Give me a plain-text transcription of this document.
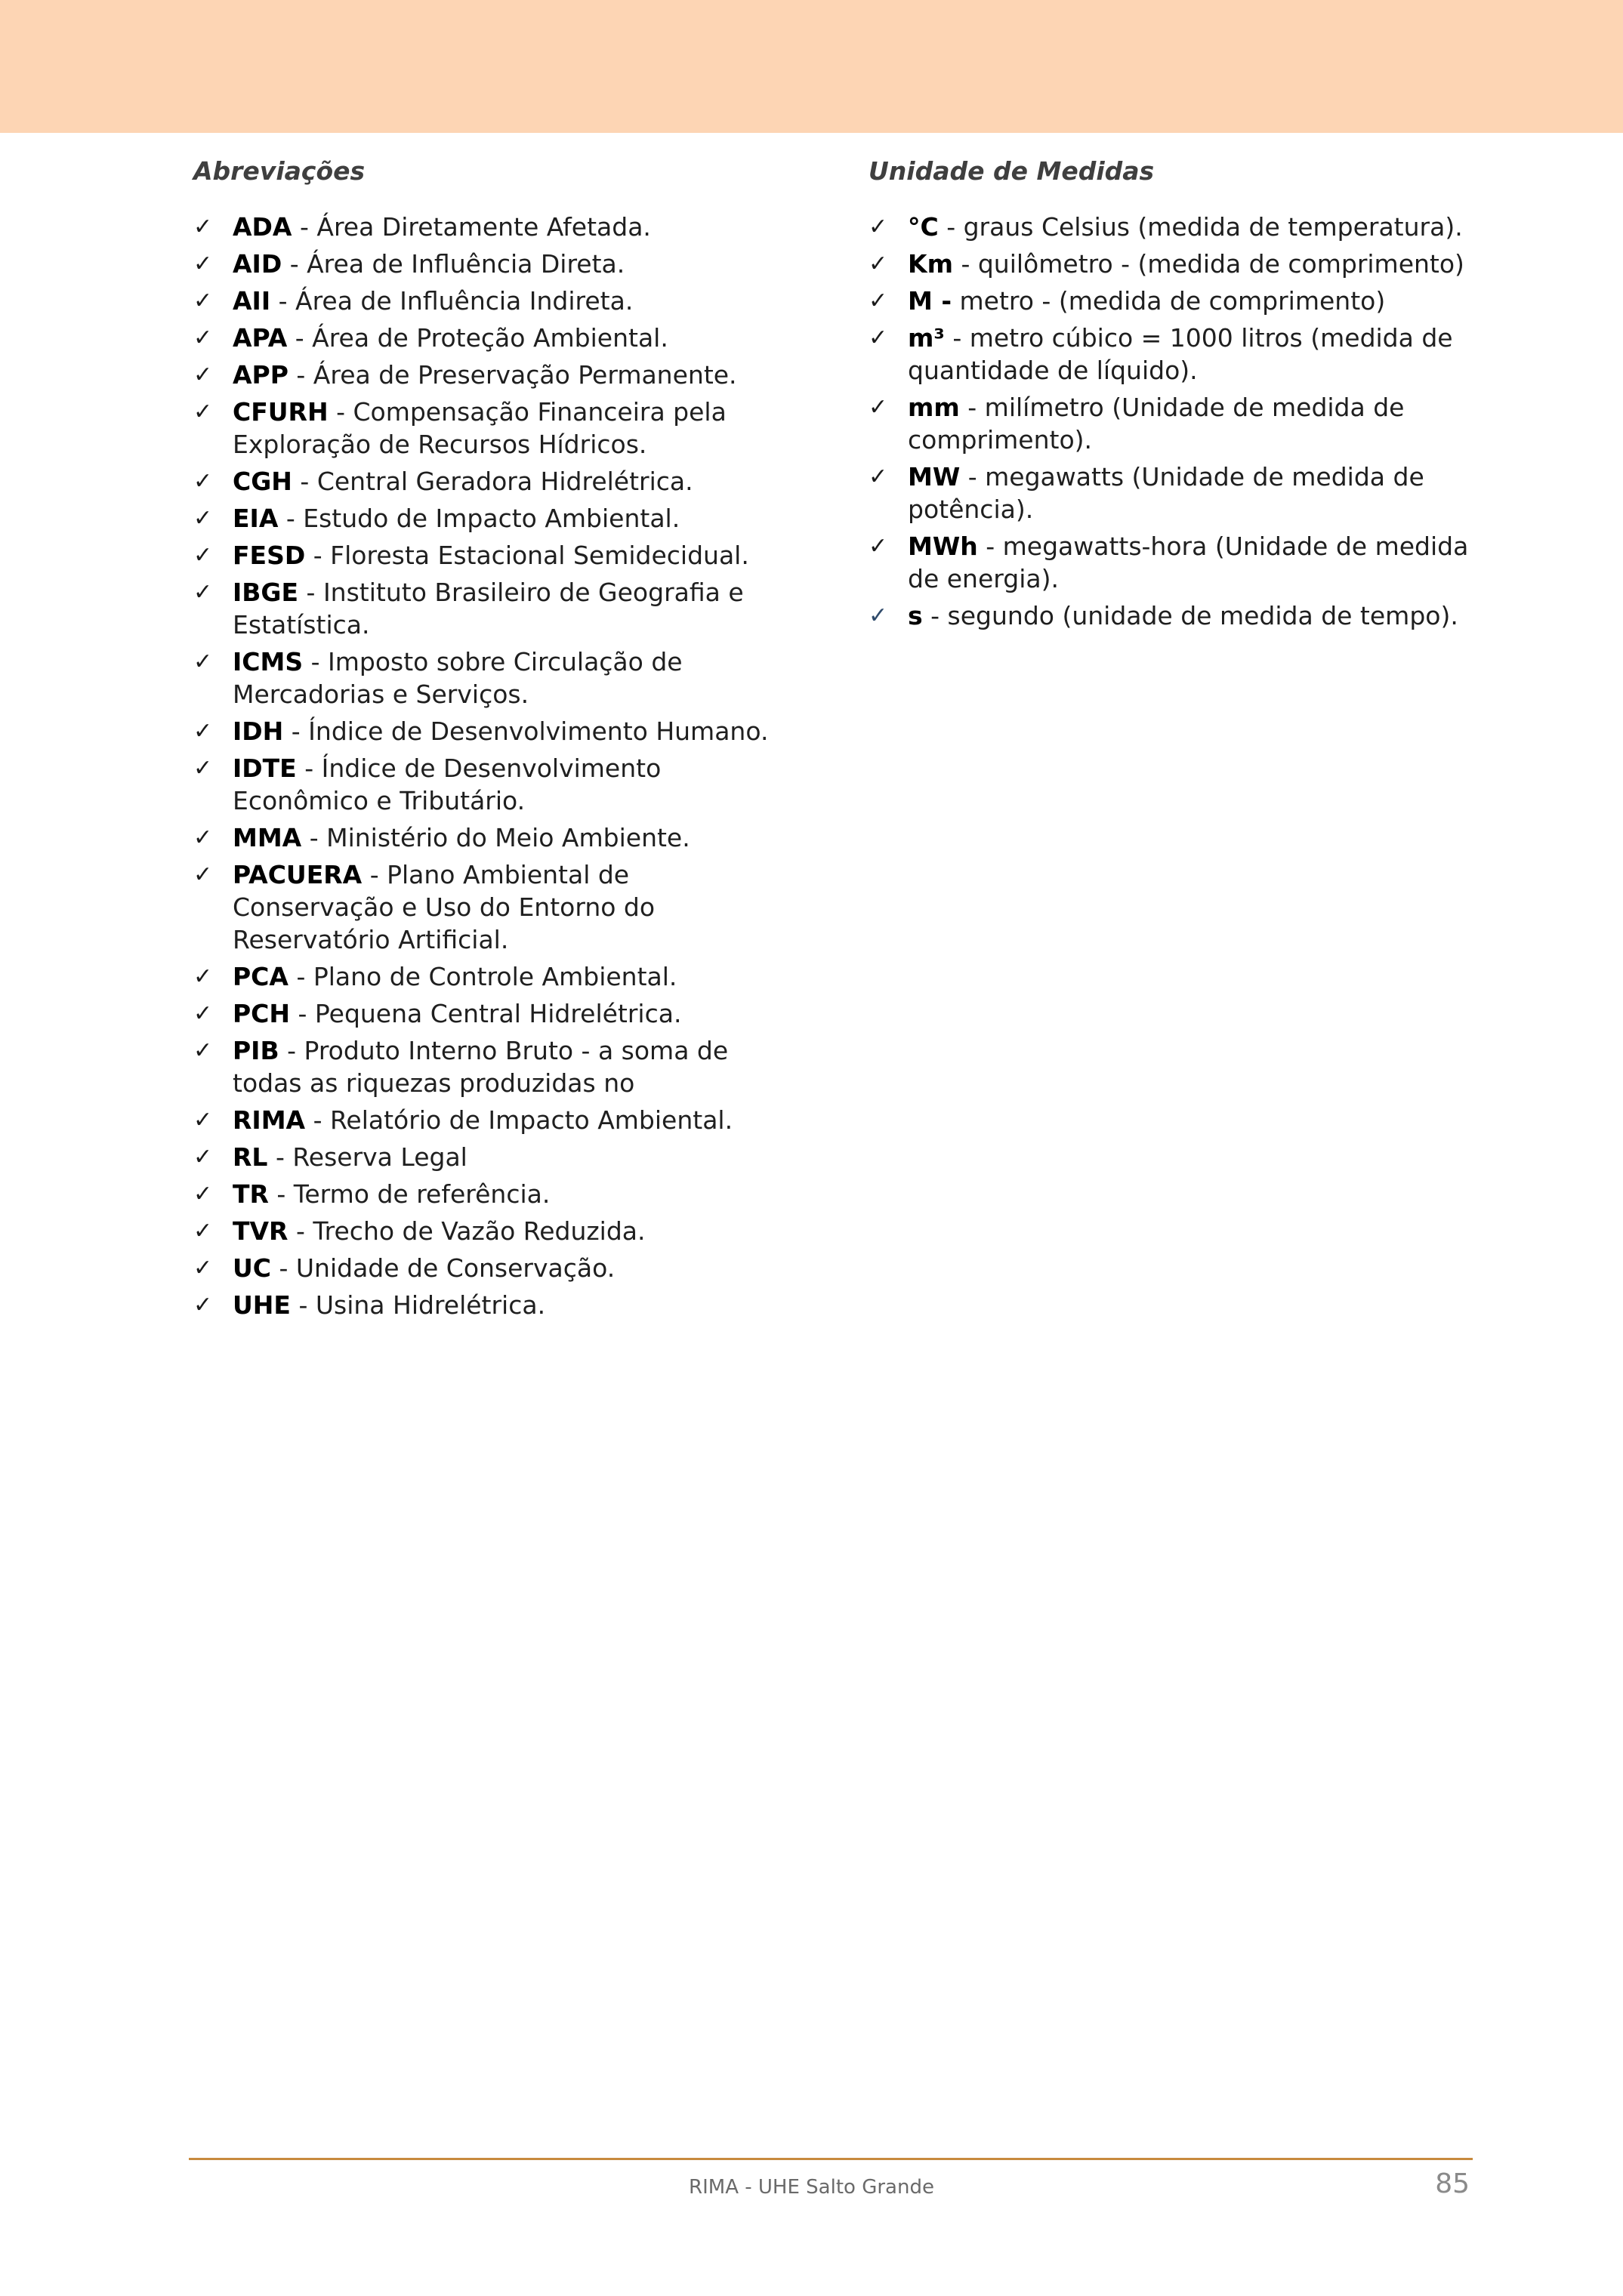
Abreviações
✓ ADA - Área Diretamente Afetada.
✓ AID - Área de Influência Direta.
✓ AII - Área de Influência Indireta.
✓ APA - Área de Proteção Ambiental.
✓ APP - Área de Preservação Permanente.
✓ CFURH - Compensação Financeira pela Exploração de Recursos Hídricos.
✓ CGH - Central Geradora Hidrelétrica.
✓ EIA - Estudo de Impacto Ambiental.
✓ FESD - Floresta Estacional Semidecidual.
✓ IBGE - Instituto Brasileiro de Geografia e Estatística.
✓ ICMS - Imposto sobre Circulação de Mercadorias e Serviços.
✓ IDH - Índice de Desenvolvimento Humano.
✓ IDTE - Índice de Desenvolvimento Econômico e Tributário.
✓ MMA - Ministério do Meio Ambiente.
✓ PACUERA - Plano Ambiental de Conservação e Uso do Entorno do Reservatório Artificial.
✓ PCA - Plano de Controle Ambiental.
✓ PCH - Pequena Central Hidrelétrica.
✓ PIB - Produto Interno Bruto - a soma de todas as riquezas produzidas no
✓ RIMA - Relatório de Impacto Ambiental.
✓ RL - Reserva Legal
✓ TR - Termo de referência.
✓ TVR - Trecho de Vazão Reduzida.
✓ UC - Unidade de Conservação.
✓ UHE - Usina Hidrelétrica.
Unidade de Medidas
✓ °C - graus Celsius (medida de temperatura).
✓ Km - quilômetro - (medida de comprimento)
✓ M - metro - (medida de comprimento)
✓ m³ - metro cúbico = 1000 litros (medida de quantidade de líquido).
✓ mm - milímetro (Unidade de medida de comprimento).
✓ MW - megawatts (Unidade de medida de potência).
✓ MWh - megawatts-hora (Unidade de medida de energia).
✓ s - segundo (unidade de medida de tempo).
RIMA - UHE Salto Grande	85
